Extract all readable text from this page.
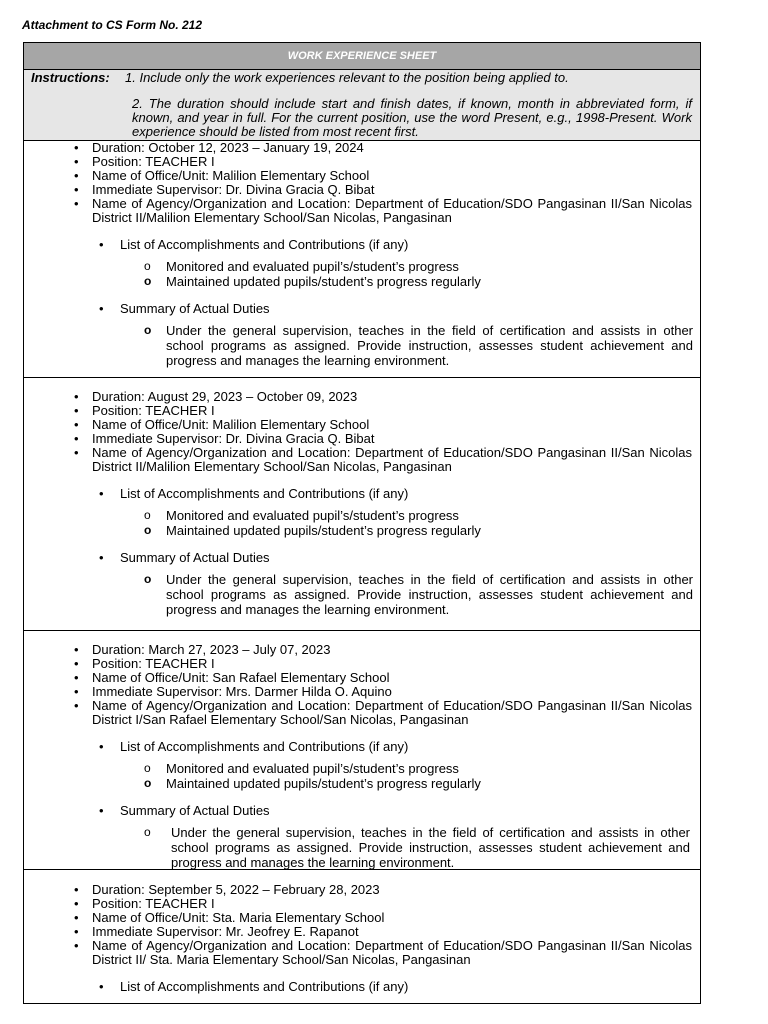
Attachment to CS Form No. 212
WORK EXPERIENCE SHEET
Instructions: 1. Include only the work experiences relevant to the position being applied to.
2. The duration should include start and finish dates, if known, month in abbreviated form, if known, and year in full. For the current position, use the word Present, e.g., 1998-Present. Work experience should be listed from most recent first.
• Duration: October 12, 2023 – January 19, 2024
• Position: TEACHER I
• Name of Office/Unit: Malilion Elementary School
• Immediate Supervisor: Dr. Divina Gracia Q. Bibat
• Name of Agency/Organization and Location: Department of Education/SDO Pangasinan II/San Nicolas District II/Malilion Elementary School/San Nicolas, Pangasinan
• List of Accomplishments and Contributions (if any)
o Monitored and evaluated pupil’s/student’s progress
o Maintained updated pupils/student’s progress regularly
• Summary of Actual Duties
o Under the general supervision, teaches in the field of certification and assists in other school programs as assigned. Provide instruction, assesses student achievement and progress and manages the learning environment.
• Duration: August 29, 2023 – October 09, 2023
• Position: TEACHER I
• Name of Office/Unit: Malilion Elementary School
• Immediate Supervisor: Dr. Divina Gracia Q. Bibat
• Name of Agency/Organization and Location: Department of Education/SDO Pangasinan II/San Nicolas District II/Malilion Elementary School/San Nicolas, Pangasinan
• List of Accomplishments and Contributions (if any)
o Monitored and evaluated pupil’s/student’s progress
o Maintained updated pupils/student’s progress regularly
• Summary of Actual Duties
o Under the general supervision, teaches in the field of certification and assists in other school programs as assigned. Provide instruction, assesses student achievement and progress and manages the learning environment.
• Duration: March 27, 2023 – July 07, 2023
• Position: TEACHER I
• Name of Office/Unit: San Rafael Elementary School
• Immediate Supervisor: Mrs. Darmer Hilda O. Aquino
• Name of Agency/Organization and Location: Department of Education/SDO Pangasinan II/San Nicolas District I/San Rafael Elementary School/San Nicolas, Pangasinan
• List of Accomplishments and Contributions (if any)
o Monitored and evaluated pupil’s/student’s progress
o Maintained updated pupils/student’s progress regularly
• Summary of Actual Duties
o Under the general supervision, teaches in the field of certification and assists in other school programs as assigned. Provide instruction, assesses student achievement and progress and manages the learning environment.
• Duration: September 5, 2022 – February 28, 2023
• Position: TEACHER I
• Name of Office/Unit: Sta. Maria Elementary School
• Immediate Supervisor: Mr. Jeofrey E. Rapanot
• Name of Agency/Organization and Location: Department of Education/SDO Pangasinan II/San Nicolas District II/ Sta. Maria Elementary School/San Nicolas, Pangasinan
• List of Accomplishments and Contributions (if any)
